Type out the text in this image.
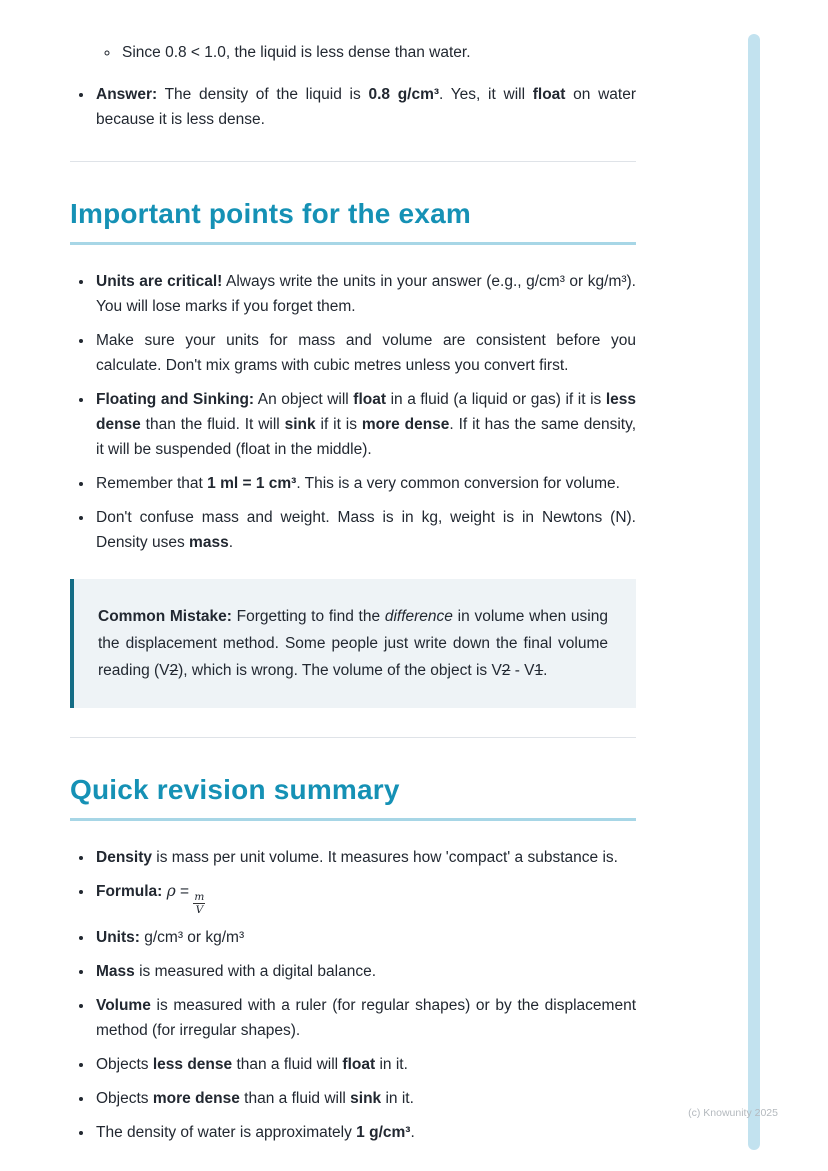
◦ Since 0.8 < 1.0, the liquid is less dense than water.
• Answer: The density of the liquid is 0.8 g/cm³. Yes, it will float on water because it is less dense.
Important points for the exam
• Units are critical! Always write the units in your answer (e.g., g/cm³ or kg/m³). You will lose marks if you forget them.
• Make sure your units for mass and volume are consistent before you calculate. Don't mix grams with cubic metres unless you convert first.
• Floating and Sinking: An object will float in a fluid (a liquid or gas) if it is less dense than the fluid. It will sink if it is more dense. If it has the same density, it will be suspended (float in the middle).
• Remember that 1 ml = 1 cm³. This is a very common conversion for volume.
• Don't confuse mass and weight. Mass is in kg, weight is in Newtons (N). Density uses mass.

Common Mistake: Forgetting to find the difference in volume when using the displacement method. Some people just write down the final volume reading (V2), which is wrong. The volume of the object is V2 - V1.

Quick revision summary
• Density is mass per unit volume. It measures how 'compact' a substance is.
• Formula: $\rho = \frac{m}{V}$
• Units: g/cm³ or kg/m³
• Mass is measured with a digital balance.
• Volume is measured with a ruler (for regular shapes) or by the displacement method (for irregular shapes).
• Objects less dense than a fluid will float in it.
• Objects more dense than a fluid will sink in it.
• The density of water is approximately 1 g/cm³.
(c) Knowunity 2025
